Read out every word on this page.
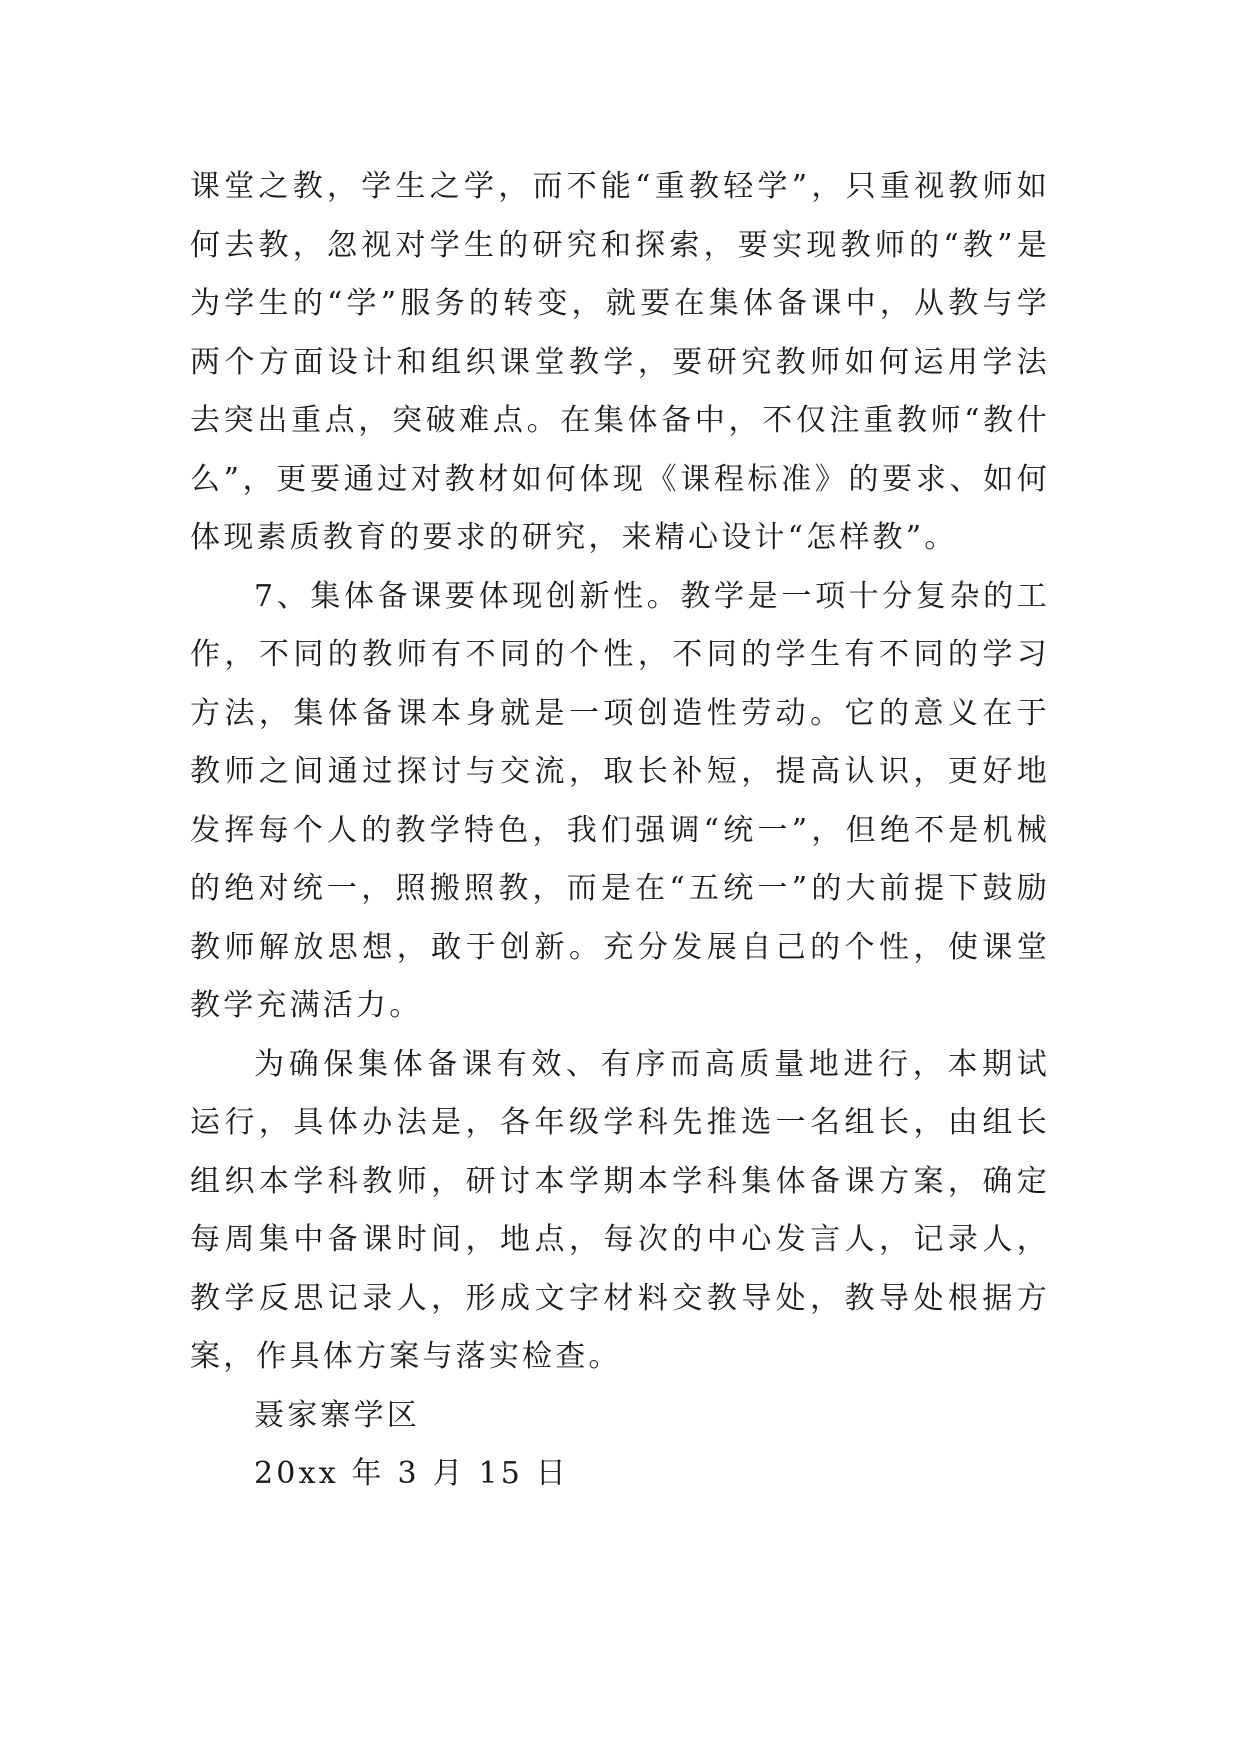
课堂之教，学生之学，而不能“重教轻学”，只重视教师如何去教，忽视对学生的研究和探索，要实现教师的“教”是为学生的“学”服务的转变，就要在集体备课中，从教与学两个方面设计和组织课堂教学，要研究教师如何运用学法去突出重点，突破难点。在集体备中，不仅注重教师“教什么”，更要通过对教材如何体现《课程标准》的要求、如何体现素质教育的要求的研究，来精心设计“怎样教”。

7、集体备课要体现创新性。教学是一项十分复杂的工作，不同的教师有不同的个性，不同的学生有不同的学习方法，集体备课本身就是一项创造性劳动。它的意义在于教师之间通过探讨与交流，取长补短，提高认识，更好地发挥每个人的教学特色，我们强调“统一”，但绝不是机械的绝对统一，照搬照教，而是在“五统一”的大前提下鼓励教师解放思想，敢于创新。充分发展自己的个性，使课堂教学充满活力。

为确保集体备课有效、有序而高质量地进行，本期试运行，具体办法是，各年级学科先推选一名组长，由组长组织本学科教师，研讨本学期本学科集体备课方案，确定每周集中备课时间，地点，每次的中心发言人，记录人，教学反思记录人，形成文字材料交教导处，教导处根据方案，作具体方案与落实检查。

聂家寨学区

20xx 年 3 月 15 日
